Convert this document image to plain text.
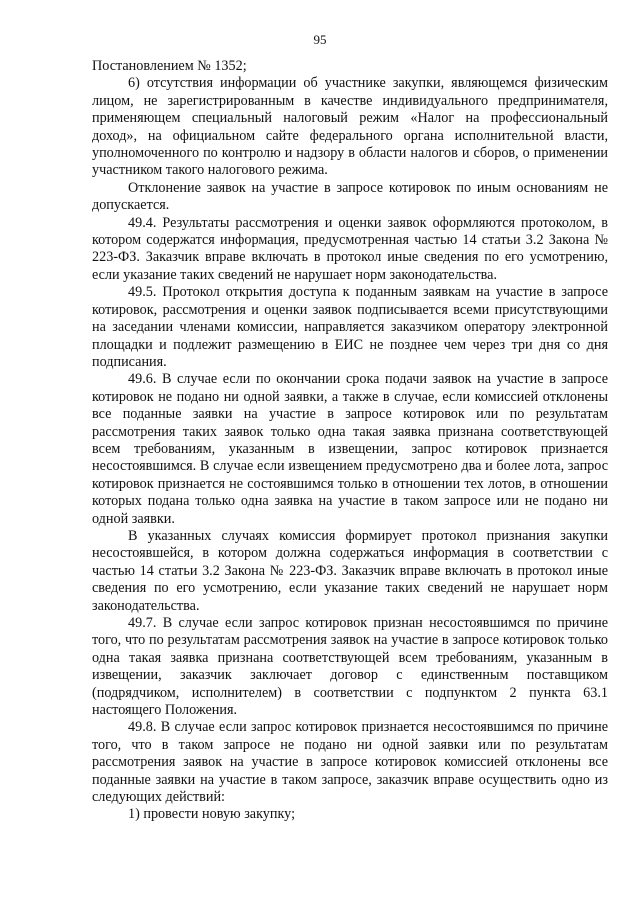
95

Постановлением № 1352;

6) отсутствия информации об участнике закупки, являющемся физическим лицом, не зарегистрированным в качестве индивидуального предпринимателя, применяющем специальный налоговый режим «Налог на профессиональный доход», на официальном сайте федерального органа исполнительной власти, уполномоченного по контролю и надзору в области налогов и сборов, о применении участником такого налогового режима.

Отклонение заявок на участие в запросе котировок по иным основаниям не допускается.

49.4. Результаты рассмотрения и оценки заявок оформляются протоколом, в котором содержатся информация, предусмотренная частью 14 статьи 3.2 Закона № 223-ФЗ. Заказчик вправе включать в протокол иные сведения по его усмотрению, если указание таких сведений не нарушает норм законодательства.

49.5. Протокол открытия доступа к поданным заявкам на участие в запросе котировок, рассмотрения и оценки заявок подписывается всеми присутствующими на заседании членами комиссии, направляется заказчиком оператору электронной площадки и подлежит размещению в ЕИС не позднее чем через три дня со дня подписания.

49.6. В случае если по окончании срока подачи заявок на участие в запросе котировок не подано ни одной заявки, а также в случае, если комиссией отклонены все поданные заявки на участие в запросе котировок или по результатам рассмотрения таких заявок только одна такая заявка признана соответствующей всем требованиям, указанным в извещении, запрос котировок признается несостоявшимся. В случае если извещением предусмотрено два и более лота, запрос котировок признается не состоявшимся только в отношении тех лотов, в отношении которых подана только одна заявка на участие в таком запросе или не подано ни одной заявки.

В указанных случаях комиссия формирует протокол признания закупки несостоявшейся, в котором должна содержаться информация в соответствии с частью 14 статьи 3.2 Закона № 223-ФЗ. Заказчик вправе включать в протокол иные сведения по его усмотрению, если указание таких сведений не нарушает норм законодательства.

49.7. В случае если запрос котировок признан несостоявшимся по причине того, что по результатам рассмотрения заявок на участие в запросе котировок только одна такая заявка признана соответствующей всем требованиям, указанным в извещении, заказчик заключает договор с единственным поставщиком (подрядчиком, исполнителем) в соответствии с подпунктом 2 пункта 63.1 настоящего Положения.

49.8. В случае если запрос котировок признается несостоявшимся по причине того, что в таком запросе не подано ни одной заявки или по результатам рассмотрения заявок на участие в запросе котировок комиссией отклонены все поданные заявки на участие в таком запросе, заказчик вправе осуществить одно из следующих действий:

1) провести новую закупку;
